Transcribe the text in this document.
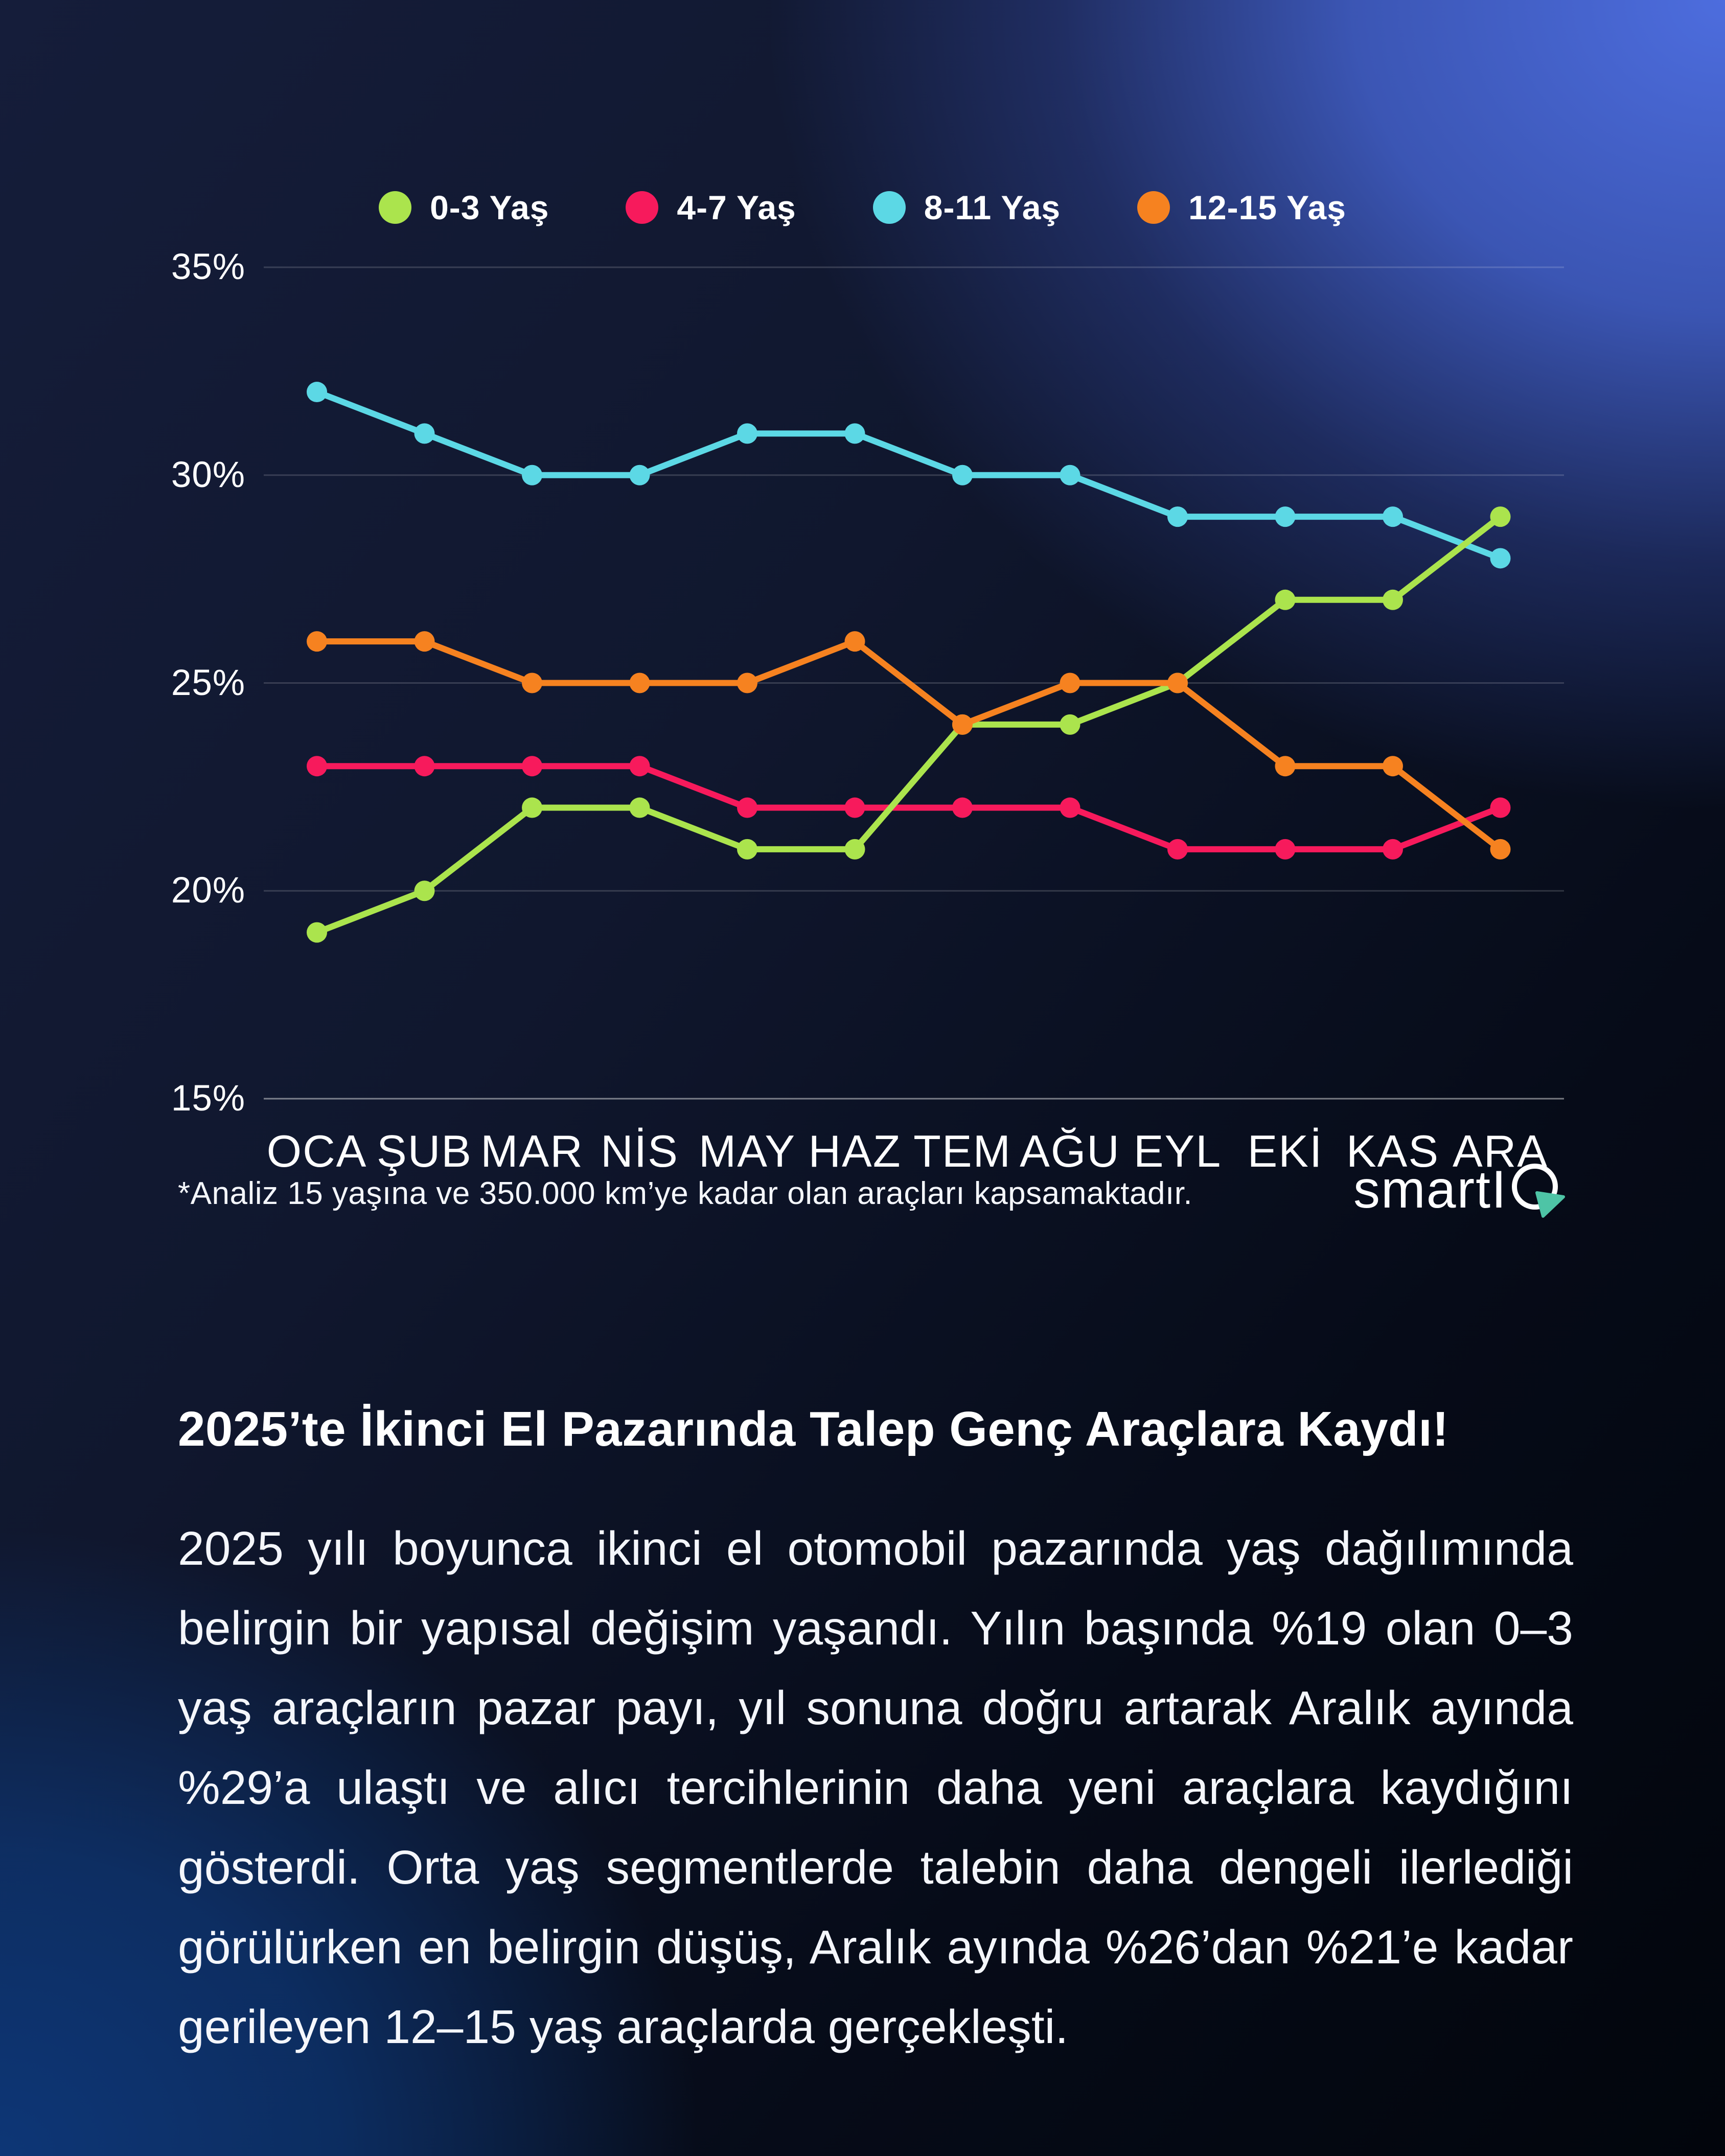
0-3 Yaş	4-7 Yaş	8-11 Yaş	12-15 Yaş
35%
30%
25%
20%
15%
OCA ŞUB MAR NİS MAY HAZ TEM AĞU EYL EKİ KAS ARA
*Analiz 15 yaşına ve 350.000 km’ye kadar olan araçları kapsamaktadır.	smartI
2025’te İkinci El Pazarında Talep Genç Araçlara Kaydı!

2025 yılı boyunca ikinci el otomobil pazarında yaş dağılımında belirgin bir yapısal değişim yaşandı. Yılın başında %19 olan 0–3 yaş araçların pazar payı, yıl sonuna doğru artarak Aralık ayında %29’a ulaştı ve alıcı tercihlerinin daha yeni araçlara kaydığını gösterdi. Orta yaş segmentlerde talebin daha dengeli ilerlediği görülürken en belirgin düşüş, Aralık ayında %26’dan %21’e kadar gerileyen 12–15 yaş araçlarda gerçekleşti.
